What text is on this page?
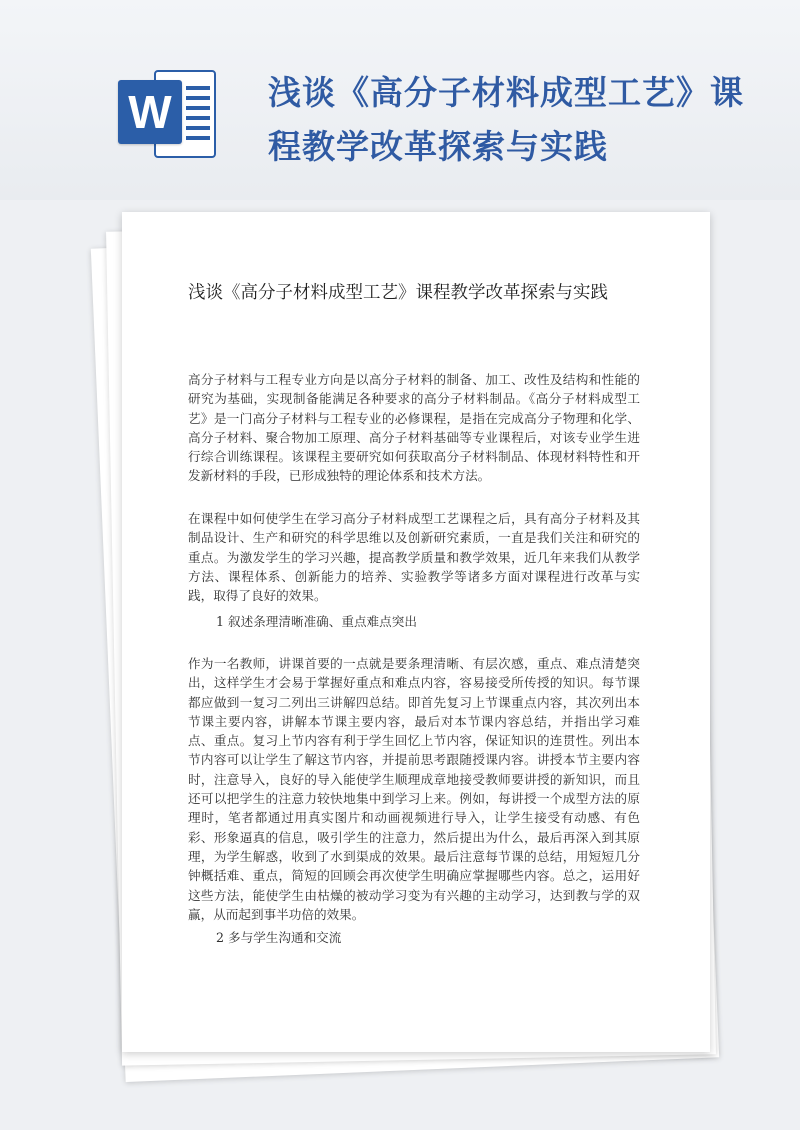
W	浅谈《高分子材料成型工艺》课程教学改革探索与实践
浅谈《高分子材料成型工艺》课程教学改革探索与实践

高分子材料与工程专业方向是以高分子材料的制备、加工、改性及结构和性能的研究为基础，实现制备能满足各种要求的高分子材料制品。《高分子材料成型工艺》是一门高分子材料与工程专业的必修课程，是指在完成高分子物理和化学、高分子材料、聚合物加工原理、高分子材料基础等专业课程后，对该专业学生进行综合训练课程。该课程主要研究如何获取高分子材料制品、体现材料特性和开发新材料的手段，已形成独特的理论体系和技术方法。

在课程中如何使学生在学习高分子材料成型工艺课程之后，具有高分子材料及其制品设计、生产和研究的科学思维以及创新研究素质，一直是我们关注和研究的重点。为激发学生的学习兴趣，提高教学质量和教学效果，近几年来我们从教学方法、课程体系、创新能力的培养、实验教学等诸多方面对课程进行改革与实践，取得了良好的效果。

1 叙述条理清晰准确、重点难点突出

作为一名教师，讲课首要的一点就是要条理清晰、有层次感，重点、难点清楚突出，这样学生才会易于掌握好重点和难点内容，容易接受所传授的知识。每节课都应做到一复习二列出三讲解四总结。即首先复习上节课重点内容，其次列出本节课主要内容，讲解本节课主要内容，最后对本节课内容总结，并指出学习难点、重点。复习上节内容有利于学生回忆上节内容，保证知识的连贯性。列出本节内容可以让学生了解这节内容，并提前思考跟随授课内容。讲授本节主要内容时，注意导入，良好的导入能使学生顺理成章地接受教师要讲授的新知识，而且还可以把学生的注意力较快地集中到学习上来。例如，每讲授一个成型方法的原理时，笔者都通过用真实图片和动画视频进行导入，让学生接受有动感、有色彩、形象逼真的信息，吸引学生的注意力，然后提出为什么，最后再深入到其原理，为学生解惑，收到了水到渠成的效果。最后注意每节课的总结，用短短几分钟概括难、重点，简短的回顾会再次使学生明确应掌握哪些内容。总之，运用好这些方法，能使学生由枯燥的被动学习变为有兴趣的主动学习，达到教与学的双赢，从而起到事半功倍的效果。

2 多与学生沟通和交流
